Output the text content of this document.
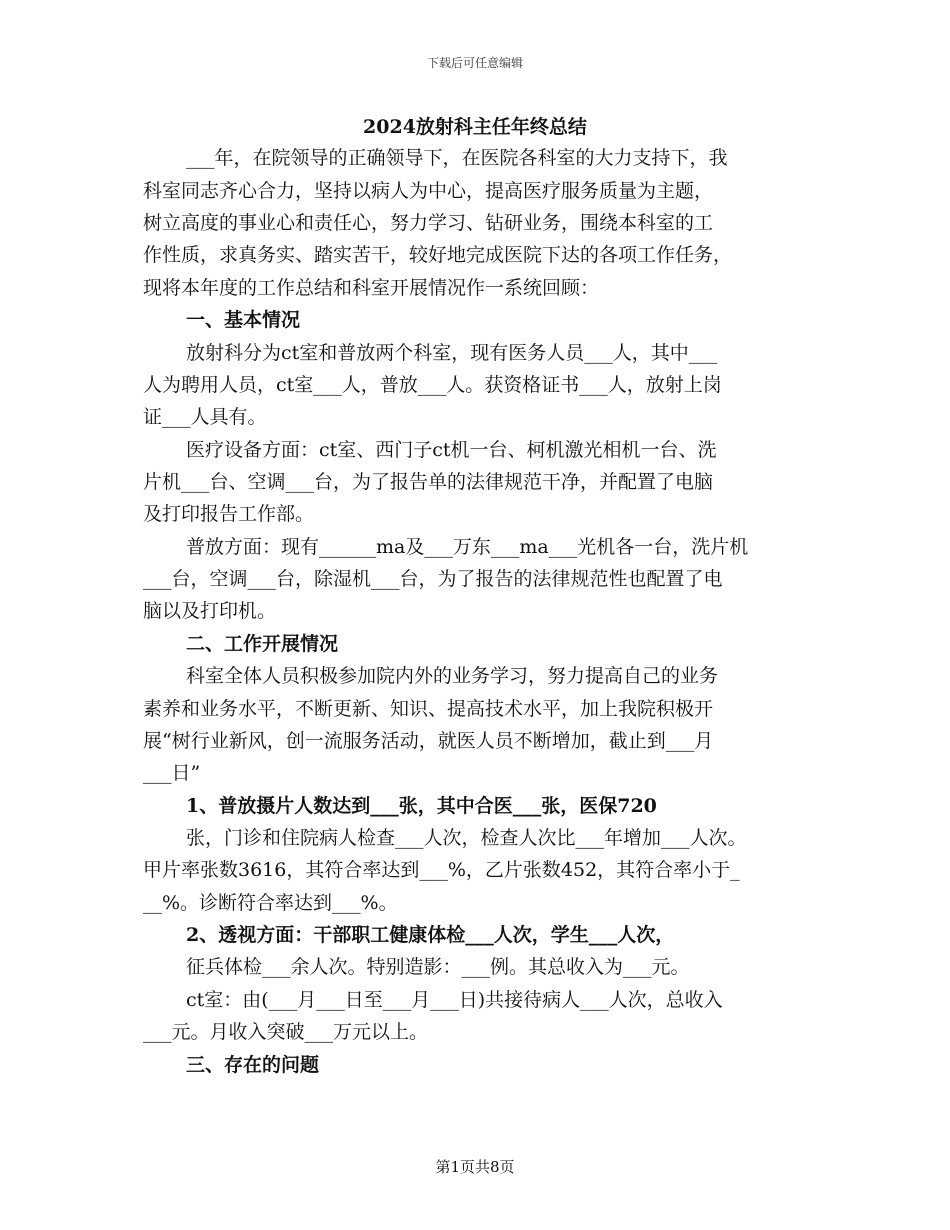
下载后可任意编辑
2024放射科主任年终总结
___年，在院领导的正确领导下，在医院各科室的大力支持下，我
科室同志齐心合力，坚持以病人为中心，提高医疗服务质量为主题，
树立高度的事业心和责任心，努力学习、钻研业务，围绕本科室的工
作性质，求真务实、踏实苦干，较好地完成医院下达的各项工作任务，
现将本年度的工作总结和科室开展情况作一系统回顾：
一、基本情况
放射科分为ct室和普放两个科室，现有医务人员___人，其中___
人为聘用人员，ct室___人，普放___人。获资格证书___人，放射上岗
证___人具有。
医疗设备方面：ct室、西门子ct机一台、柯机激光相机一台、洗
片机___台、空调___台，为了报告单的法律规范干净，并配置了电脑
及打印报告工作部。
普放方面：现有______ma及___万东___ma___光机各一台，洗片机
___台，空调___台，除湿机___台，为了报告的法律规范性也配置了电
脑以及打印机。
二、工作开展情况
科室全体人员积极参加院内外的业务学习，努力提高自己的业务
素养和业务水平，不断更新、知识、提高技术水平，加上我院积极开
展“树行业新风，创一流服务活动，就医人员不断增加，截止到___月
___日”
1、普放摄片人数达到___张，其中合医___张，医保720
张，门诊和住院病人检查___人次，检查人次比___年增加___人次。
甲片率张数3616，其符合率达到___%，乙片张数452，其符合率小于_
__%。诊断符合率达到___%。
2、透视方面：干部职工健康体检___人次，学生___人次，
征兵体检___余人次。特别造影：___例。其总收入为___元。
ct室：由(___月___日至___月___日)共接待病人___人次，总收入
___元。月收入突破___万元以上。
三、存在的问题
第1页共8页
